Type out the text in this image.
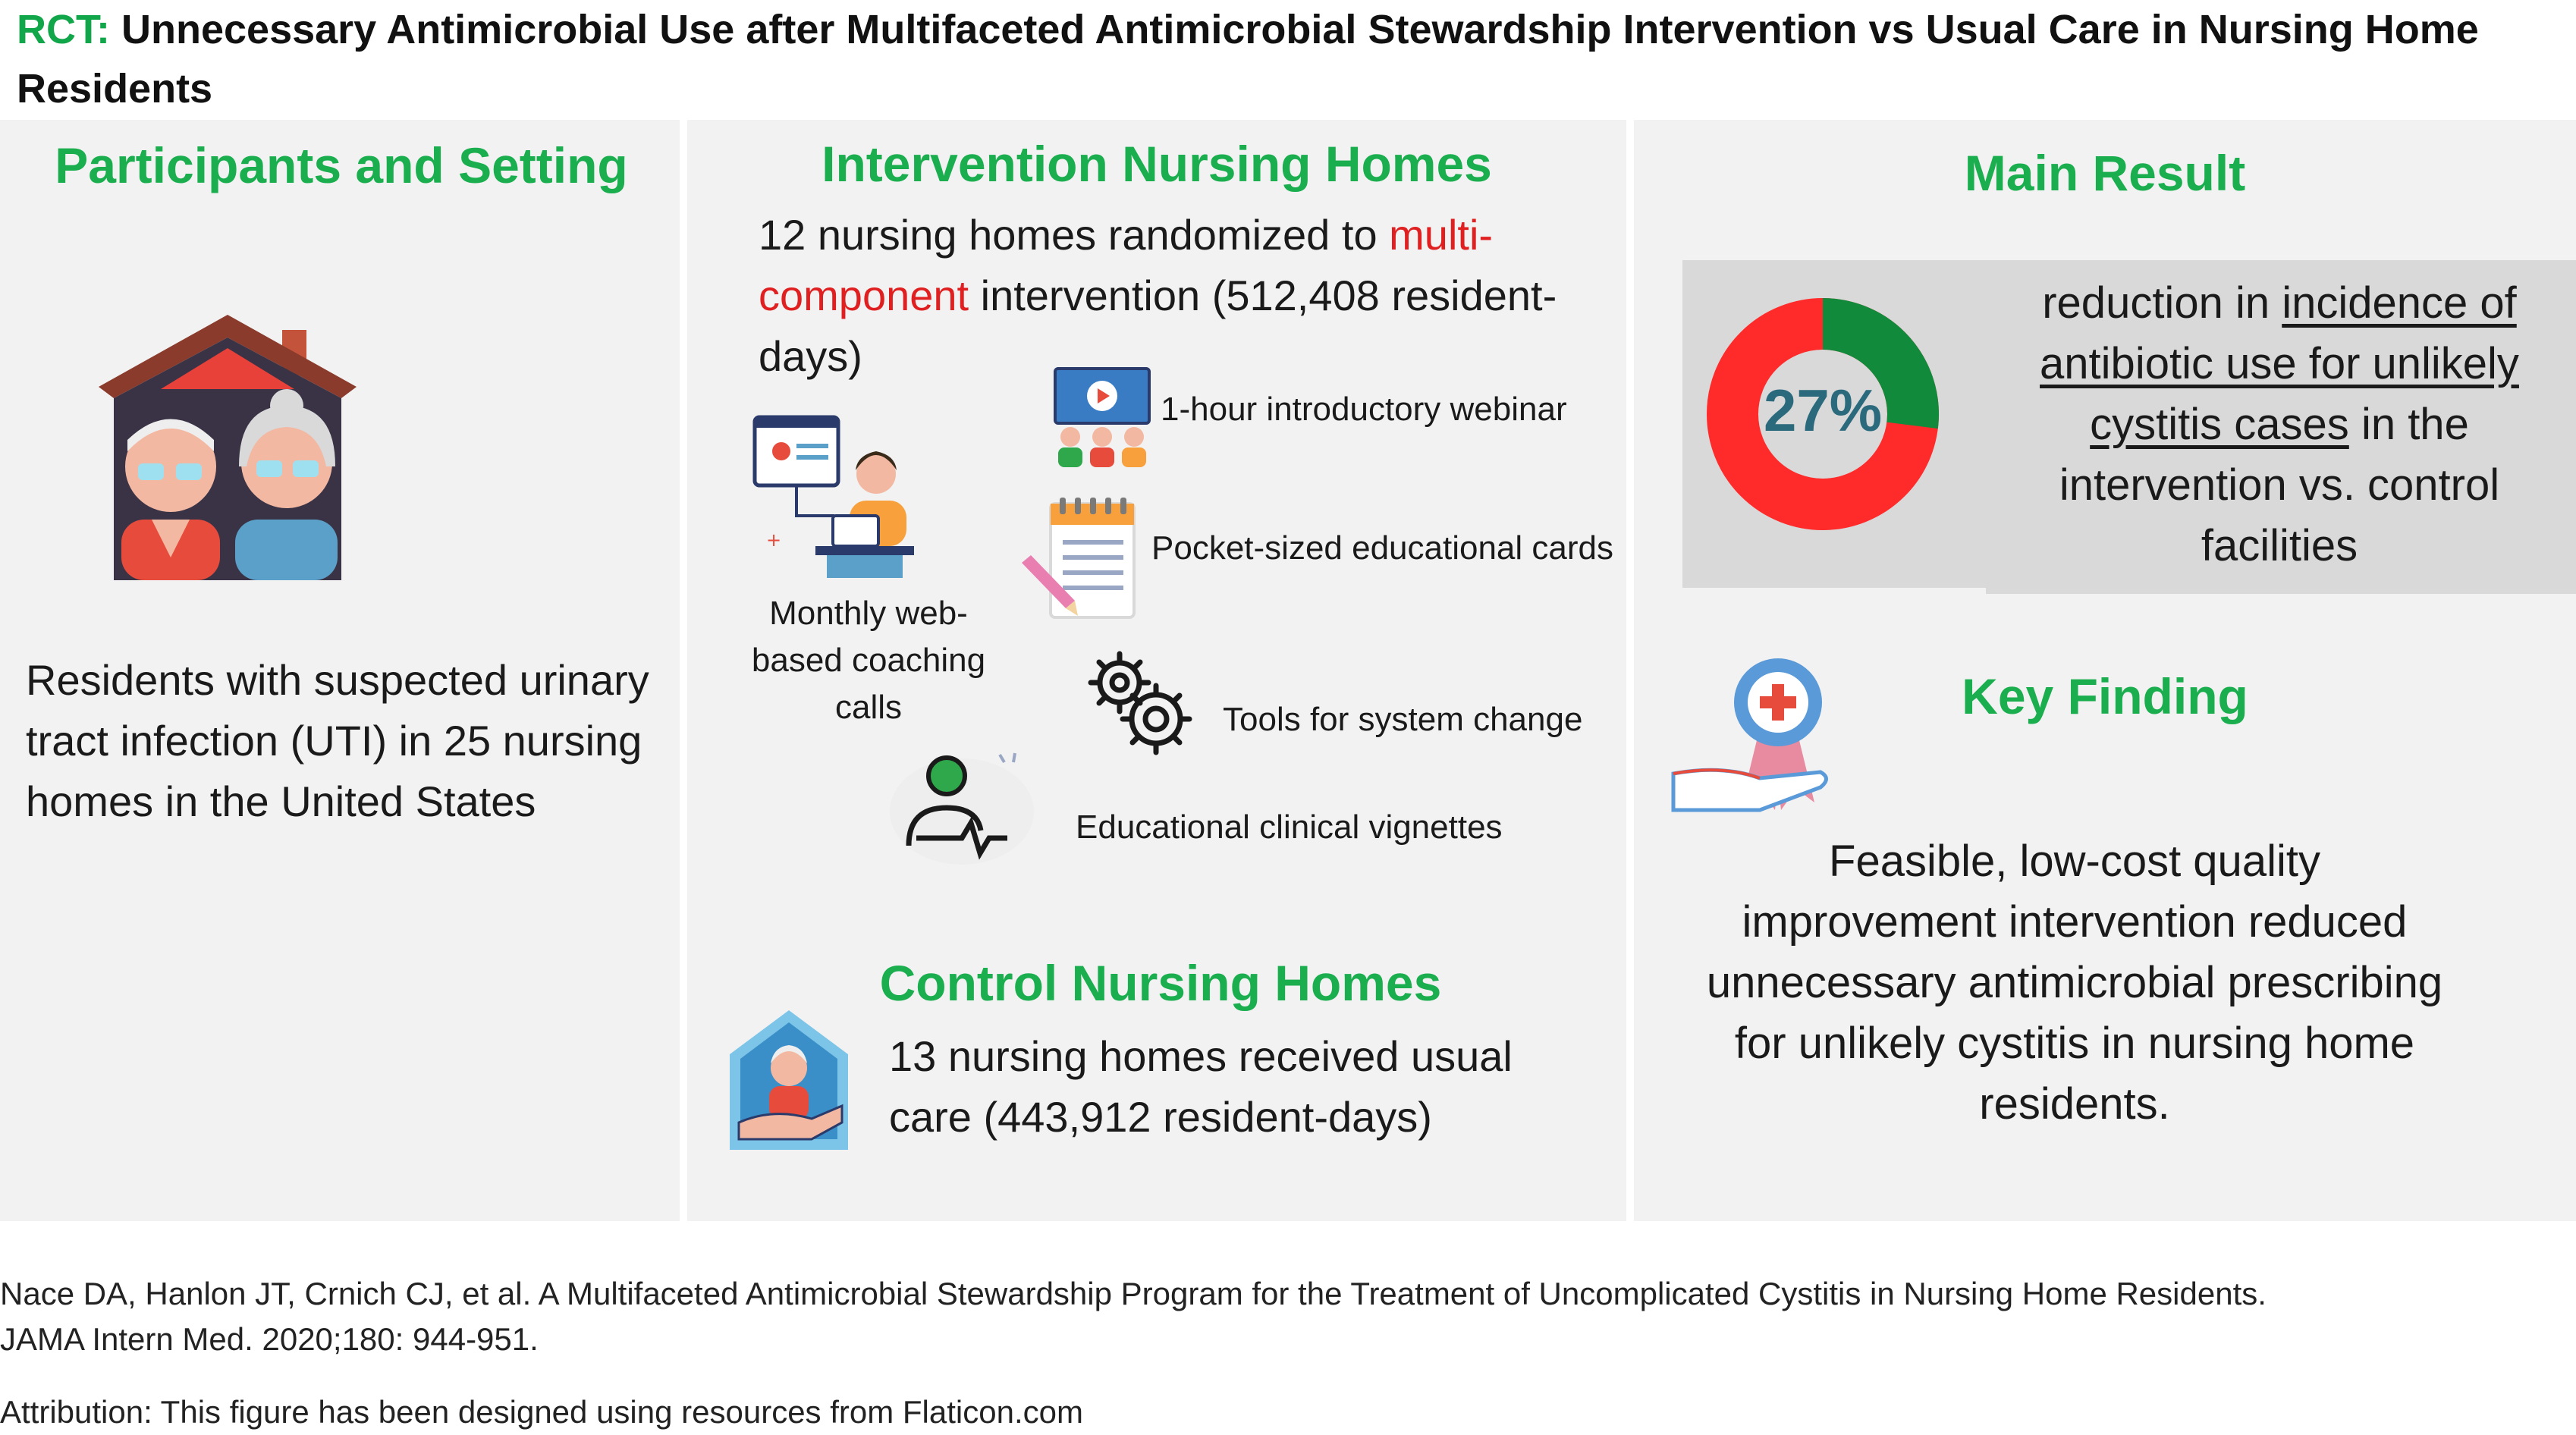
RCT: Unnecessary Antimicrobial Use after Multifaceted Antimicrobial Stewardship Intervention vs Usual Care in Nursing Home Residents
Participants and Setting
Residents with suspected urinary tract infection (UTI) in 25 nursing homes in the United States
Intervention Nursing Homes
12 nursing homes randomized to multi-component intervention (512,408 resident-days)
+
Monthly web-based coaching calls
1-hour introductory webinar
Pocket-sized educational cards
Tools for system change
Educational clinical vignettes
Control Nursing Homes
13 nursing homes received usual care (443,912 resident-days)
Main Result
27%
reduction in incidence of antibiotic use for unlikely cystitis cases in the intervention vs. control facilities
Key Finding
Feasible, low-cost quality improvement intervention reduced unnecessary antimicrobial prescribing for unlikely cystitis in nursing home residents.
Nace DA, Hanlon JT, Crnich CJ, et al. A Multifaceted Antimicrobial Stewardship Program for the Treatment of Uncomplicated Cystitis in Nursing Home Residents. JAMA Intern Med. 2020;180: 944-951.
Attribution: This figure has been designed using resources from Flaticon.com
